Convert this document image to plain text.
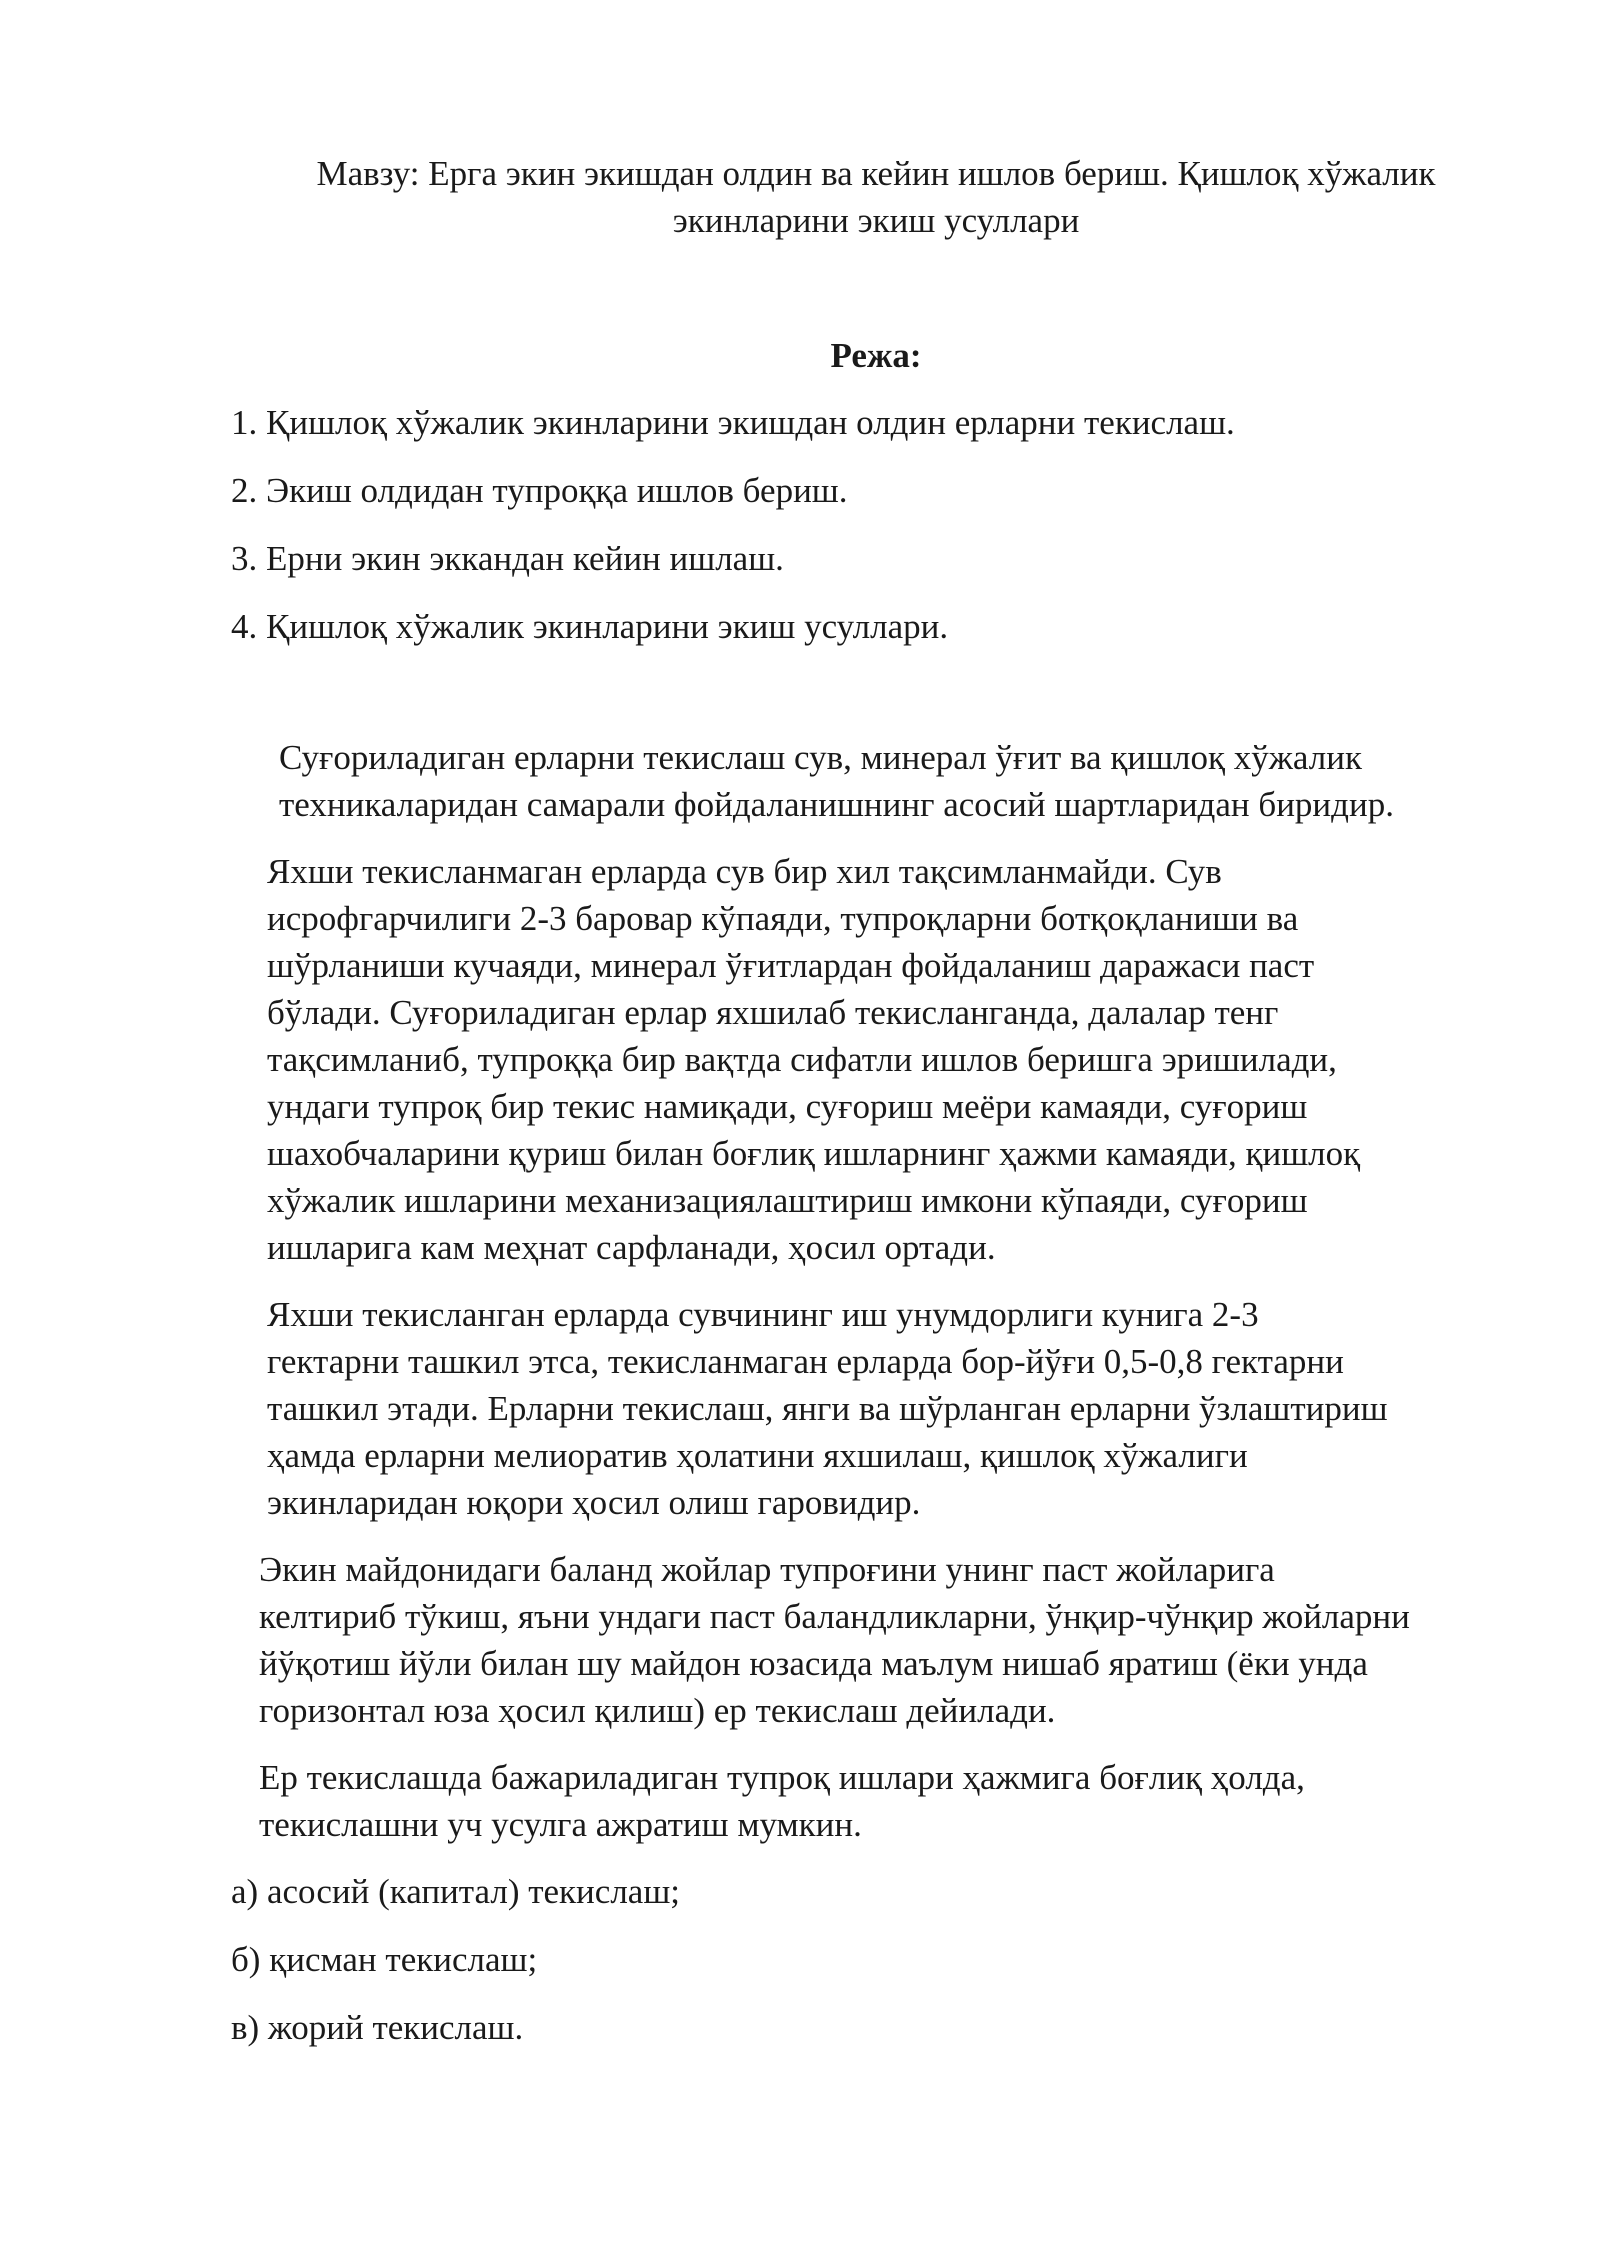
Мавзу: Ерга экин экишдан олдин ва кейин ишлов бериш. Қишлоқ хўжалик
экинларини экиш усуллари
Режа:
1. Қишлоқ хўжалик экинларини экишдан олдин ерларни текислаш.
2. Экиш олдидан тупроққа ишлов бериш.
3. Ерни экин эккандан кейин ишлаш.
4. Қишлоқ хўжалик экинларини экиш усуллари.
Суғориладиган ерларни текислаш сув, минерал ўғит ва қишлоқ хўжалик
техникаларидан самарали фойдаланишнинг асосий шартларидан биридир.
Яхши текисланмаган ерларда сув бир хил тақсимланмайди. Сув
исрофгарчилиги 2-3 баровар кўпаяди, тупроқларни ботқоқланиши ва
шўрланиши кучаяди, минерал ўғитлардан фойдаланиш даражаси паст
бўлади. Суғориладиган ерлар яхшилаб текисланганда, далалар тенг
тақсимланиб, тупроққа бир вақтда сифатли ишлов беришга эришилади,
ундаги тупроқ бир текис намиқади, суғориш меёри камаяди, суғориш
шахобчаларини қуриш билан боғлиқ ишларнинг ҳажми камаяди, қишлоқ
хўжалик ишларини механизациялаштириш имкони кўпаяди, суғориш
ишларига кам меҳнат сарфланади, ҳосил ортади.
Яхши текисланган ерларда сувчининг иш унумдорлиги кунига 2-3
гектарни ташкил этса, текисланмаган ерларда бор-йўғи 0,5-0,8 гектарни
ташкил этади. Ерларни текислаш, янги ва шўрланган ерларни ўзлаштириш
ҳамда ерларни мелиоратив ҳолатини яхшилаш, қишлоқ хўжалиги
экинларидан юқори ҳосил олиш гаровидир.
Экин майдонидаги баланд жойлар тупроғини унинг паст жойларига
келтириб тўкиш, яъни ундаги паст баландликларни, ўнқир-чўнқир жойларни
йўқотиш йўли билан шу майдон юзасида маълум нишаб яратиш (ёки унда
горизонтал юза ҳосил қилиш) ер текислаш дейилади.
Ер текислашда бажариладиган тупроқ ишлари ҳажмига боғлиқ ҳолда,
текислашни уч усулга ажратиш мумкин.
а) асосий (капитал) текислаш;
б) қисман текислаш;
в) жорий текислаш.
